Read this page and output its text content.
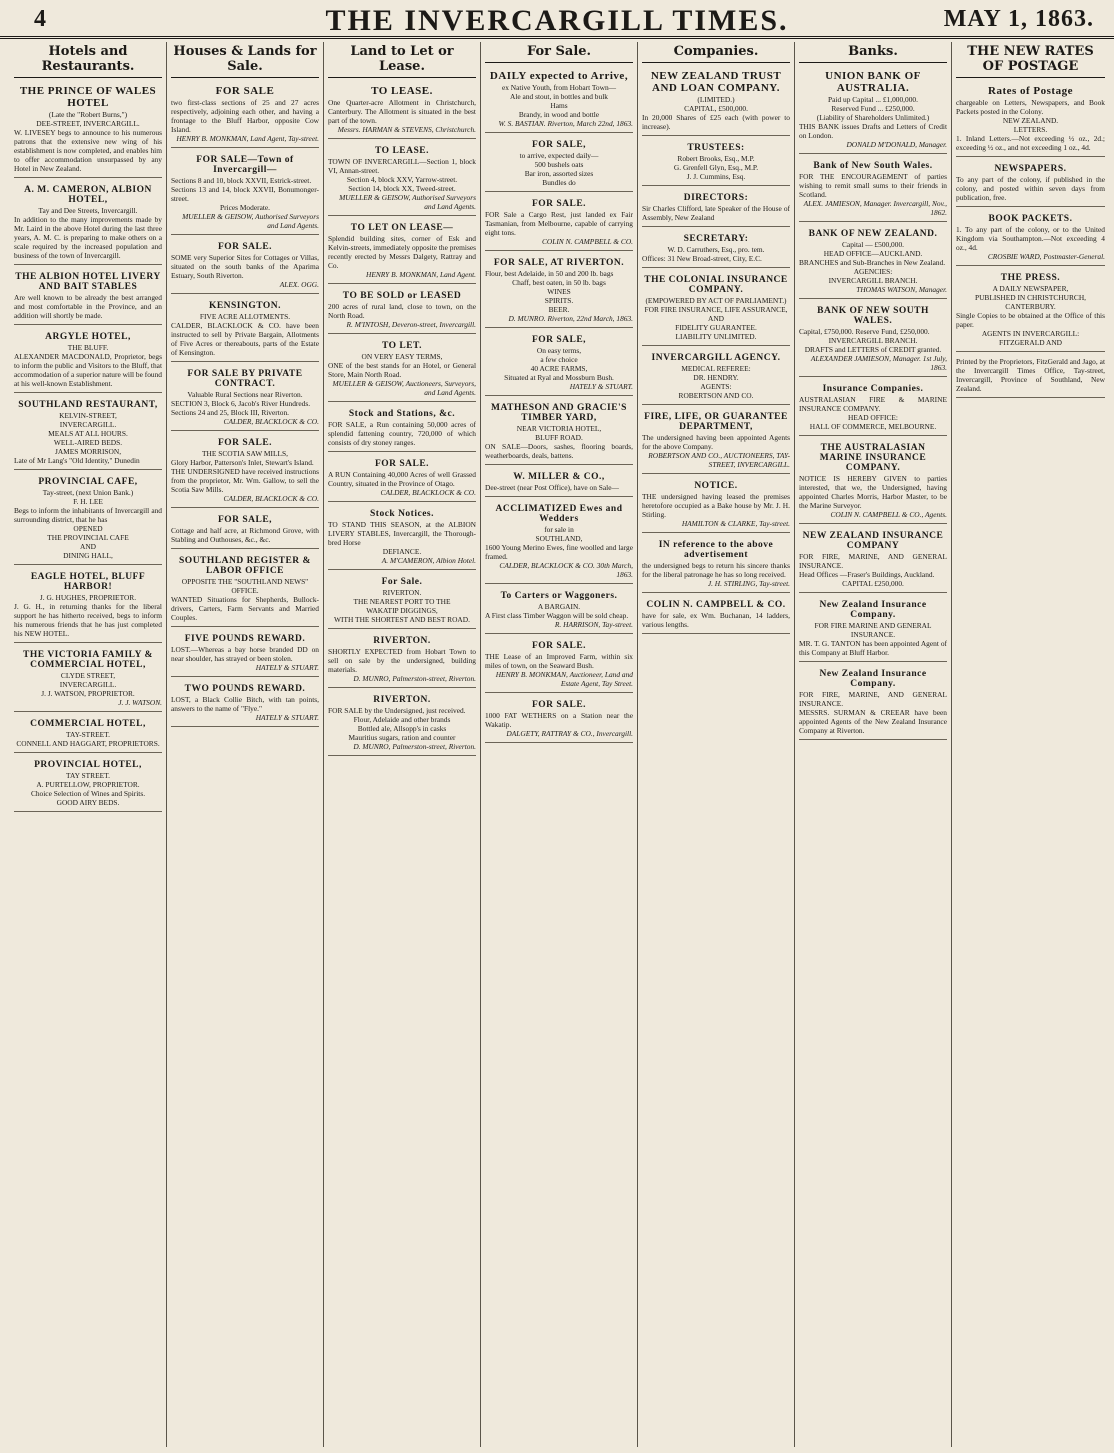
4	THE INVERCARGILL TIMES.	MAY 1, 1863.
Hotels and Restaurants.
THE PRINCE OF WALES HOTEL
(Late the "Robert Burns,")
DEE-STREET, INVERCARGILL.
W. LIVESEY begs to announce to his numerous patrons that the extensive new wing of his establishment is now completed, and enables him to offer accommodation unsurpassed by any Hotel in New Zealand.
A. M. CAMERON, ALBION HOTEL,
Tay and Dee Streets, Invercargill.
In addition to the many improvements made by Mr. Laird in the above Hotel during the last three years, A. M. C. is preparing to make others on a scale required by the increased population and business of the town of Invercargill.
THE ALBION HOTEL LIVERY AND BAIT STABLES
Are well known to be already the best arranged and most comfortable in the Province, and an addition will shortly be made.
ARGYLE HOTEL,
THE BLUFF.
ALEXANDER MACDONALD, Proprietor, begs to inform the public and Visitors to the Bluff, that accommodation of a superior nature will be found at his well-known Establishment.
SOUTHLAND RESTAURANT,
KELVIN-STREET,
INVERCARGILL.
MEALS AT ALL HOURS.
WELL-AIRED BEDS.
JAMES MORRISON,
Late of Mr Lang's "Old Identity," Dunedin
PROVINCIAL CAFE,
Tay-street, (next Union Bank.)
F. H. LEE
Begs to inform the inhabitants of Invercargill and surrounding district, that he has
OPENED
THE PROVINCIAL CAFE
AND
DINING HALL,
EAGLE HOTEL, BLUFF HARBOR!
J. G. HUGHES, PROPRIETOR.
J. G. H., in returning thanks for the liberal support he has hitherto received, begs to inform his numerous friends that he has just completed his NEW HOTEL.
THE VICTORIA FAMILY & COMMERCIAL HOTEL,
CLYDE STREET,
INVERCARGILL.
J. J. WATSON, PROPRIETOR.
J. J. WATSON.
COMMERCIAL HOTEL,
TAY-STREET.
CONNELL AND HAGGART, PROPRIETORS.
PROVINCIAL HOTEL,
TAY STREET.
A. PURTELLOW, PROPRIETOR.
Choice Selection of Wines and Spirits.
GOOD AIRY BEDS.
Houses & Lands for Sale.
FOR SALE
two first-class sections of 25 and 27 acres respectively, adjoining each other, and having a frontage to the Bluff Harbor, opposite Cow Island.
HENRY B. MONKMAN, Land Agent, Tay-street.
FOR SALE—Town of Invercargill—
Sections 8 and 10, block XXVII, Estrick-street.
Sections 13 and 14, block XXVII, Bonumonger-street.
Prices Moderate.
MUELLER & GEISOW, Authorised Surveyors and Land Agents.
FOR SALE.
SOME very Superior Sites for Cottages or Villas, situated on the south banks of the Aparima Estuary, South Riverton.
ALEX. OGG.
KENSINGTON.
FIVE ACRE ALLOTMENTS.
CALDER, BLACKLOCK & CO. have been instructed to sell by Private Bargain, Allotments of Five Acres or thereabouts, parts of the Estate of Kensington.
FOR SALE BY PRIVATE CONTRACT.
Valuable Rural Sections near Riverton.
SECTION 3, Block 6, Jacob's River Hundreds.
Sections 24 and 25, Block III, Riverton.
CALDER, BLACKLOCK & CO.
FOR SALE.
THE SCOTIA SAW MILLS,
Glory Harbor, Patterson's Inlet, Stewart's Island.
THE UNDERSIGNED have received instructions from the proprietor, Mr. Wm. Gallow, to sell the Scotia Saw Mills.
CALDER, BLACKLOCK & CO.
FOR SALE,
Cottage and half acre, at Richmond Grove, with Stabling and Outhouses, &c., &c.
SOUTHLAND REGISTER & LABOR OFFICE
OPPOSITE THE "SOUTHLAND NEWS" OFFICE.
WANTED Situations for Shepherds, Bullock-drivers, Carters, Farm Servants and Married Couples.
FIVE POUNDS REWARD.
LOST.—Whereas a bay horse branded DD on near shoulder, has strayed or been stolen.
HATELY & STUART.
TWO POUNDS REWARD.
LOST, a Black Collie Bitch, with tan points, answers to the name of "Flye."
HATELY & STUART.
Land to Let or Lease.
TO LEASE.
One Quarter-acre Allotment in Christchurch, Canterbury. The Allotment is situated in the best part of the town.
Messrs. HARMAN & STEVENS, Christchurch.
TO LEASE.
TOWN OF INVERCARGILL—Section 1, block VI, Annan-street.
Section 4, block XXV, Yarrow-street.
Section 14, block XX, Tweed-street.
MUELLER & GEISOW, Authorised Surveyors and Land Agents.
TO LET ON LEASE—
Splendid building sites, corner of Esk and Kelvin-streets, immediately opposite the premises recently erected by Messrs Dalgety, Rattray and Co.
HENRY B. MONKMAN, Land Agent.
TO BE SOLD or LEASED
200 acres of rural land, close to town, on the North Road.
R. M'INTOSH, Deveron-street, Invercargill.
TO LET.
ON VERY EASY TERMS,
ONE of the best stands for an Hotel, or General Store, Main North Road.
MUELLER & GEISOW, Auctioneers, Surveyors, and Land Agents.
Stock and Stations, &c.
FOR SALE, a Run containing 50,000 acres of splendid fattening country, 720,000 of which consists of dry stoney ranges.
FOR SALE.
A RUN Containing 40,000 Acres of well Grassed Country, situated in the Province of Otago.
CALDER, BLACKLOCK & CO.
Stock Notices.
TO STAND THIS SEASON, at the ALBION LIVERY STABLES, Invercargill, the Thorough-bred Horse
DEFIANCE.
A. M'CAMERON, Albion Hotel.
For Sale.
RIVERTON.
THE NEAREST PORT TO THE
WAKATIP DIGGINGS,
WITH THE SHORTEST AND BEST ROAD.
RIVERTON.
SHORTLY EXPECTED from Hobart Town to sell on sale by the undersigned, building materials.
D. MUNRO, Palmerston-street, Riverton.
RIVERTON.
FOR SALE by the Undersigned, just received.
Flour, Adelaide and other brands
Bottled ale, Allsopp's in casks
Mauritius sugars, ration and counter
D. MUNRO, Palmerston-street, Riverton.
For Sale.
DAILY expected to Arrive,
ex Native Youth, from Hobart Town—
Ale and stout, in bottles and bulk
Hams
Brandy, in wood and bottle
W. S. BASTIAN. Riverton, March 22nd, 1863.
FOR SALE,
to arrive, expected daily—
500 bushels oats
Bar iron, assorted sizes
Bundles do
FOR SALE.
FOR Sale a Cargo Rest, just landed ex Fair Tasmanian, from Melbourne, capable of carrying eight tons.
COLIN N. CAMPBELL & CO.
FOR SALE, AT RIVERTON.
Flour, best Adelaide, in 50 and 200 lb. bags
Chaff, best oaten, in 50 lb. bags
WINES
SPIRITS.
BEER.
D. MUNRO. Riverton, 22nd March, 1863.
FOR SALE,
On easy terms,
a few choice
40 ACRE FARMS,
Situated at Ryal and Mossburn Bush.
HATELY & STUART.
MATHESON AND GRACIE'S TIMBER YARD,
NEAR VICTORIA HOTEL,
BLUFF ROAD.
ON SALE—Doors, sashes, flooring boards, weatherboards, deals, battens.
W. MILLER & CO.,
Dee-street (near Post Office), have on Sale—
ACCLIMATIZED Ewes and Wedders
for sale in
SOUTHLAND,
1600 Young Merino Ewes, fine woolled and large framed.
CALDER, BLACKLOCK & CO. 30th March, 1863.
To Carters or Waggoners.
A BARGAIN.
A First class Timber Waggon will be sold cheap.
R. HARRISON, Tay-street.
FOR SALE.
THE Lease of an Improved Farm, within six miles of town, on the Seaward Bush.
HENRY B. MONKMAN, Auctioneer, Land and Estate Agent, Tay Street.
FOR SALE.
1000 FAT WETHERS on a Station near the Wakatip.
DALGETY, RATTRAY & CO., Invercargill.
Companies.
NEW ZEALAND TRUST AND LOAN COMPANY.
(LIMITED.)
CAPITAL, £500,000.
In 20,000 Shares of £25 each (with power to increase).
TRUSTEES:
Robert Brooks, Esq., M.P.
G. Grenfell Glyn, Esq., M.P.
J. J. Cummins, Esq.
DIRECTORS:
Sir Charles Clifford, late Speaker of the House of Assembly, New Zealand
SECRETARY:
W. D. Carruthers, Esq., pro. tem.
Offices: 31 New Broad-street, City, E.C.
THE COLONIAL INSURANCE COMPANY.
(EMPOWERED BY ACT OF PARLIAMENT.)
FOR FIRE INSURANCE, LIFE ASSURANCE,
AND
FIDELITY GUARANTEE.
LIABILITY UNLIMITED.
INVERCARGILL AGENCY.
MEDICAL REFEREE:
DR. HENDRY.
AGENTS:
ROBERTSON AND CO.
FIRE, LIFE, OR GUARANTEE DEPARTMENT,
The undersigned having been appointed Agents for the above Company.
ROBERTSON AND CO., AUCTIONEERS, TAY-STREET, INVERCARGILL.
NOTICE.
THE undersigned having leased the premises heretofore occupied as a Bake house by Mr. J. H. Stirling.
HAMILTON & CLARKE, Tay-street.
IN reference to the above advertisement
the undersigned begs to return his sincere thanks for the liberal patronage he has so long received.
J. H. STIRLING, Tay-street.
COLIN N. CAMPBELL & CO.
have for sale, ex Wm. Buchanan, 14 ladders, various lengths.
Banks.
UNION BANK OF AUSTRALIA.
Paid up Capital ... £1,000,000.
Reserved Fund ... £250,000.
(Liability of Shareholders Unlimited.)
THIS BANK issues Drafts and Letters of Credit on London.
DONALD M'DONALD, Manager.
Bank of New South Wales.
FOR THE ENCOURAGEMENT of parties wishing to remit small sums to their friends in Scotland.
ALEX. JAMIESON, Manager. Invercargill, Nov., 1862.
BANK OF NEW ZEALAND.
Capital — £500,000.
HEAD OFFICE—AUCKLAND.
BRANCHES and Sub-Branches in New Zealand.
AGENCIES:
INVERCARGILL BRANCH.
THOMAS WATSON, Manager.
BANK OF NEW SOUTH WALES.
Capital, £750,000. Reserve Fund, £250,000.
INVERCARGILL BRANCH.
DRAFTS and LETTERS of CREDIT granted.
ALEXANDER JAMIESON, Manager. 1st July, 1863.
Insurance Companies.
AUSTRALASIAN FIRE & MARINE INSURANCE COMPANY.
HEAD OFFICE:
HALL OF COMMERCE, MELBOURNE.
THE AUSTRALASIAN MARINE INSURANCE COMPANY.
NOTICE IS HEREBY GIVEN to parties interested, that we, the Undersigned, having appointed Charles Morris, Harbor Master, to be the Marine Surveyor.
COLIN N. CAMPBELL & CO., Agents.
NEW ZEALAND INSURANCE COMPANY
FOR FIRE, MARINE, AND GENERAL INSURANCE.
Head Offices —Fraser's Buildings, Auckland.
CAPITAL £250,000.
New Zealand Insurance Company.
FOR FIRE MARINE AND GENERAL INSURANCE.
MR. T. G. TANTON has been appointed Agent of this Company at Bluff Harbor.
New Zealand Insurance Company.
FOR FIRE, MARINE, AND GENERAL INSURANCE.
MESSRS. SURMAN & CREEAR have been appointed Agents of the New Zealand Insurance Company at Riverton.
THE NEW RATES OF POSTAGE
Rates of Postage
chargeable on Letters, Newspapers, and Book Packets posted in the Colony.
NEW ZEALAND.
LETTERS.
1. Inland Letters.—Not exceeding ½ oz., 2d.; exceeding ½ oz., and not exceeding 1 oz., 4d.
NEWSPAPERS.
To any part of the colony, if published in the colony, and posted within seven days from publication, free.
BOOK PACKETS.
1. To any part of the colony, or to the United Kingdom via Southampton.—Not exceeding 4 oz., 4d.
CROSBIE WARD, Postmaster-General.
THE PRESS.
A DAILY NEWSPAPER,
PUBLISHED IN CHRISTCHURCH,
CANTERBURY.
Single Copies to be obtained at the Office of this paper.
AGENTS IN INVERCARGILL:
FITZGERALD AND
Printed by the Proprietors, FitzGerald and Jago, at the Invercargill Times Office, Tay-street, Invercargill, Province of Southland, New Zealand.
